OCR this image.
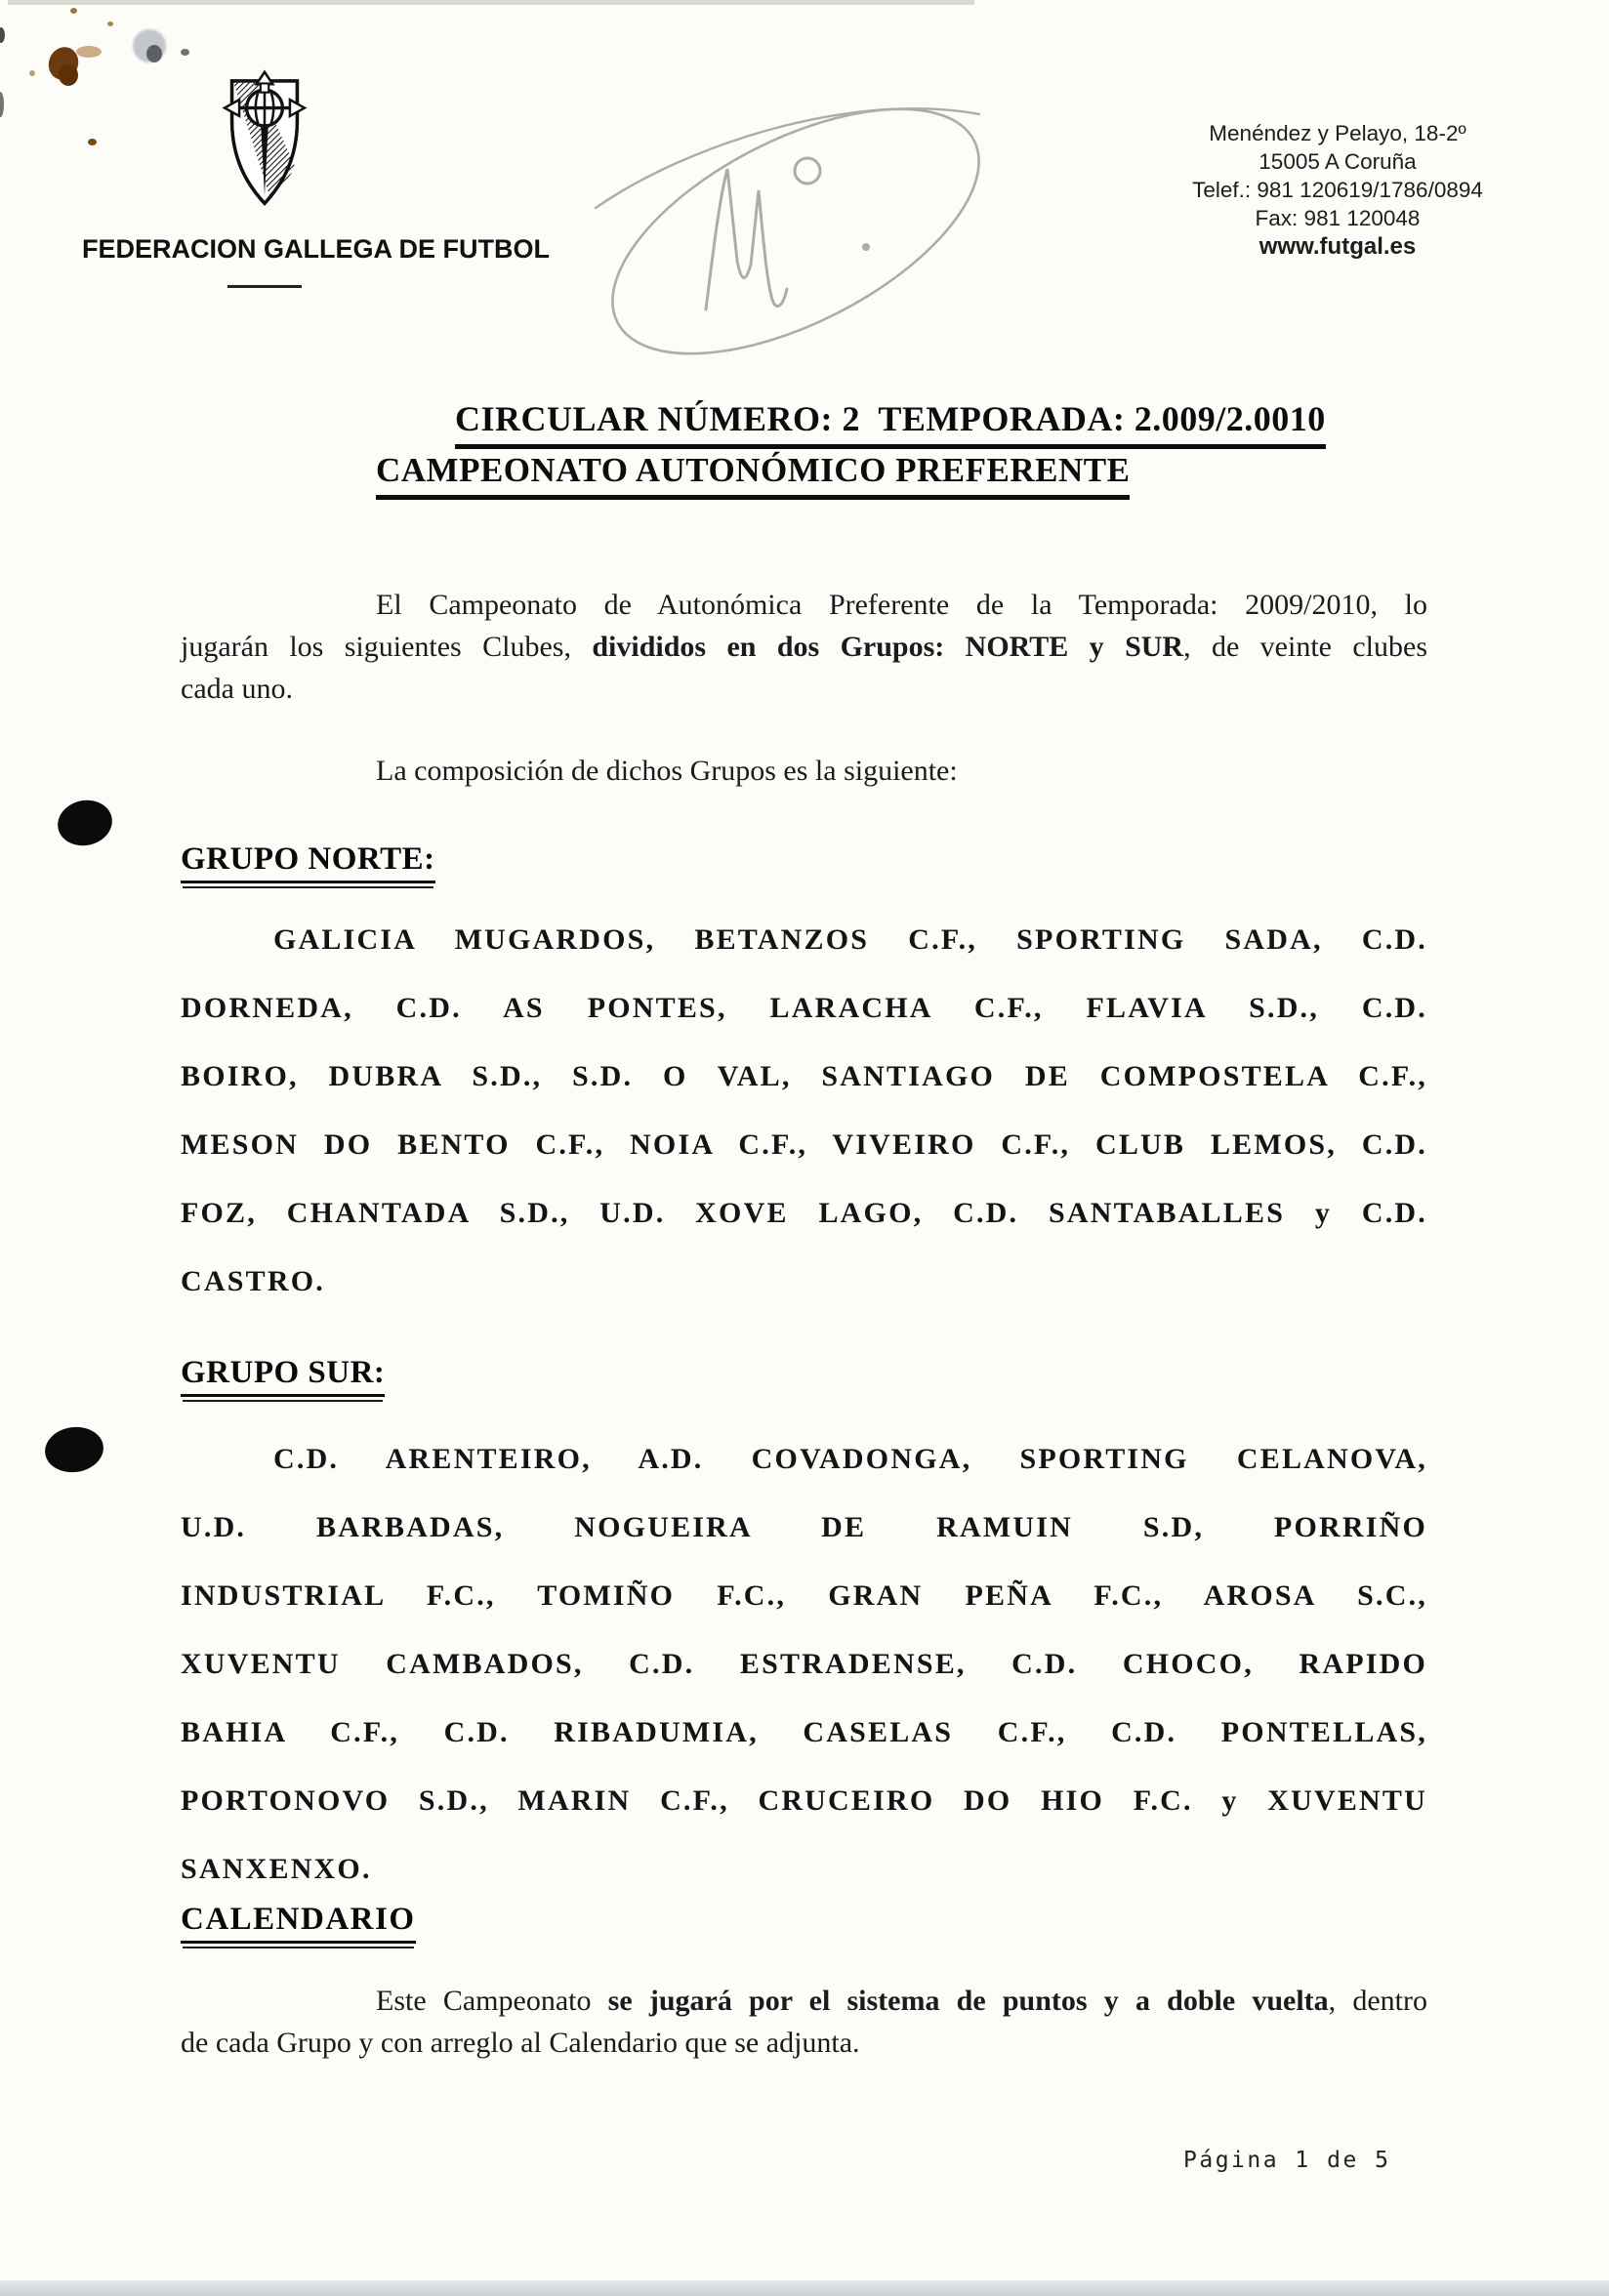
FEDERACION GALLEGA DE FUTBOL
Menéndez y Pelayo, 18-2º
15005 A Coruña
Telef.: 981 120619/1786/0894
Fax: 981 120048
www.futgal.es

CIRCULAR NÚMERO: 2  TEMPORADA: 2.009/2.0010

CAMPEONATO AUTONÓMICO PREFERENTE
El Campeonato de Autonómica Preferente de la Temporada: 2009/2010, lo
jugarán los siguientes Clubes, divididos en dos Grupos: NORTE y SUR, de veinte clubes
cada uno.
La composición de dichos Grupos es la siguiente:
GRUPO NORTE:
GALICIA MUGARDOS, BETANZOS C.F., SPORTING SADA, C.D.
DORNEDA, C.D. AS PONTES, LARACHA C.F., FLAVIA S.D., C.D.
BOIRO, DUBRA S.D., S.D. O VAL, SANTIAGO DE COMPOSTELA C.F.,
MESON DO BENTO C.F., NOIA C.F., VIVEIRO C.F., CLUB LEMOS, C.D.
FOZ, CHANTADA S.D., U.D. XOVE LAGO, C.D. SANTABALLES y C.D.
CASTRO.
GRUPO SUR:
C.D. ARENTEIRO, A.D. COVADONGA, SPORTING CELANOVA,
U.D. BARBADAS, NOGUEIRA DE RAMUIN S.D, PORRIÑO
INDUSTRIAL F.C., TOMIÑO F.C., GRAN PEÑA F.C., AROSA S.C.,
XUVENTU CAMBADOS, C.D. ESTRADENSE, C.D. CHOCO, RAPIDO
BAHIA C.F., C.D. RIBADUMIA, CASELAS C.F., C.D. PONTELLAS,
PORTONOVO S.D., MARIN C.F., CRUCEIRO DO HIO F.C. y XUVENTU
SANXENXO.
CALENDARIO
Este Campeonato se jugará por el sistema de puntos y a doble vuelta, dentro
de cada Grupo y con arreglo al Calendario que se adjunta.
Página 1 de 5
